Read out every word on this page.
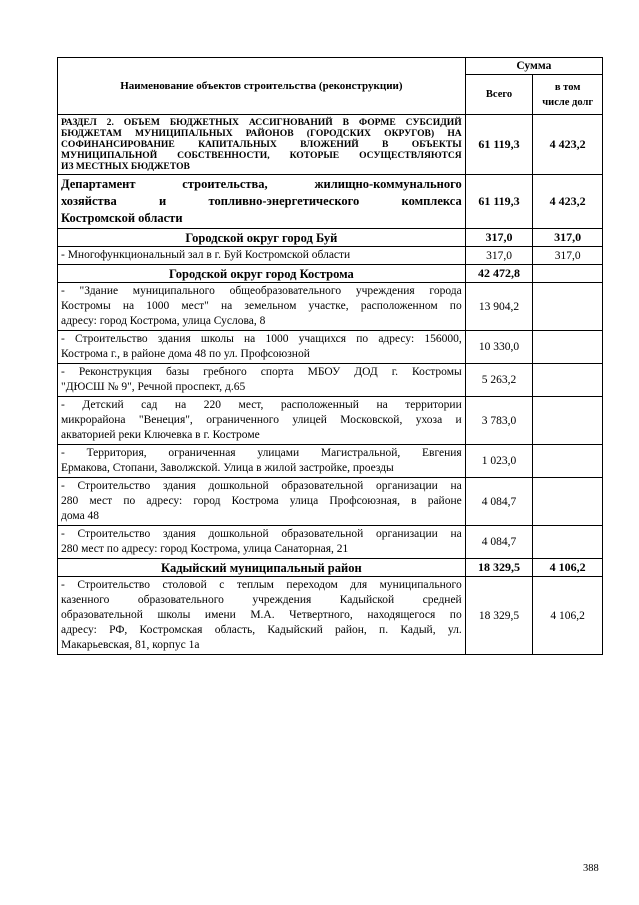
Наименование объектов строительства (реконструкции)	Сумма	
	Всего	в том
числе долг

РАЗДЕЛ 2. ОБЪЕМ БЮДЖЕТНЫХ АССИГНОВАНИЙ В ФОРМЕ СУБСИДИЙ
БЮДЖЕТАМ МУНИЦИПАЛЬНЫХ РАЙОНОВ (ГОРОДСКИХ ОКРУГОВ) НА
СОФИНАНСИРОВАНИЕ КАПИТАЛЬНЫХ ВЛОЖЕНИЙ В ОБЪЕКТЫ
МУНИЦИПАЛЬНОЙ СОБСТВЕННОСТИ, КОТОРЫЕ ОСУЩЕСТВЛЯЮТСЯ
ИЗ МЕСТНЫХ БЮДЖЕТОВ	61 119,3	4 423,2

Департамент строительства, жилищно-коммунального
хозяйства и топливно-энергетического комплекса
Костромской области	61 119,3	4 423,2
Городской округ город Буй	317,0	317,0

- Многофункциональный зал в г. Буй Костромской области	317,0	317,0
Городской округ город Кострома	42 472,8	

- "Здание муниципального общеобразовательного учреждения города
Костромы на 1000 мест" на земельном участке, расположенном по
адресу: город Кострома, улица Суслова, 8	13 904,2	

- Строительство здания школы на 1000 учащихся по адресу: 156000,
Кострома г., в районе дома 48 по ул. Профсоюзной	10 330,0	

- Реконструкция базы гребного спорта МБОУ ДОД г. Костромы
"ДЮСШ № 9", Речной проспект, д.65	5 263,2	

- Детский сад на 220 мест, расположенный на территории
микрорайона "Венеция", ограниченного улицей Московской, ухоза и
акваторией реки Ключевка в г. Костроме	3 783,0	

- Территория, ограниченная улицами Магистральной, Евгения
Ермакова, Стопани, Заволжской. Улица в жилой застройке, проезды	1 023,0	

- Строительство здания дошкольной образовательной организации на
280 мест по адресу: город Кострома улица Профсоюзная, в районе
дома 48	4 084,7	

- Строительство здания дошкольной образовательной организации на
280 мест по адресу: город Кострома, улица Санаторная, 21	4 084,7	
Кадыйский муниципальный район	18 329,5	4 106,2

- Строительство столовой с теплым переходом для муниципального
казенного образовательного учреждения Кадыйской средней
образовательной школы имени М.А. Четвертного, находящегося по
адресу: РФ, Костромская область, Кадыйский район, п. Кадый, ул.
Макарьевская, 81, корпус 1а	18 329,5	4 106,2
388
